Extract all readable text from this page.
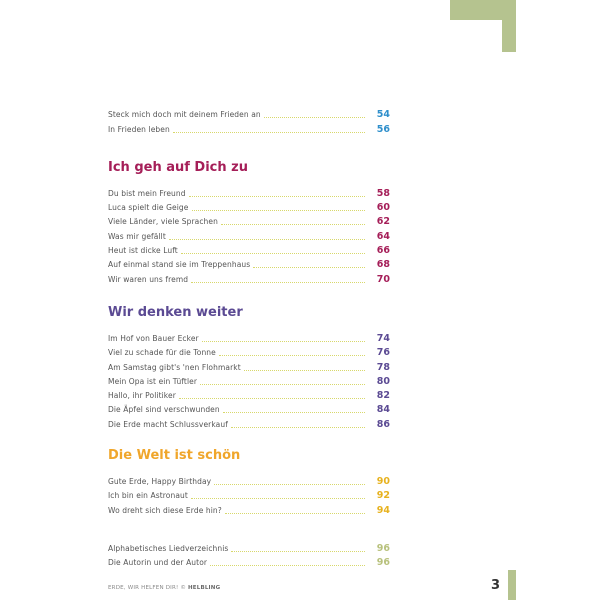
Steck mich doch mit deinem Frieden an	54
In Frieden leben	56
Ich geh auf Dich zu
Du bist mein Freund	58
Luca spielt die Geige	60
Viele Länder, viele Sprachen	62
Was mir gefällt	64
Heut ist dicke Luft	66
Auf einmal stand sie im Treppenhaus	68
Wir waren uns fremd	70
Wir denken weiter
Im Hof von Bauer Ecker	74
Viel zu schade für die Tonne	76
Am Samstag gibt's 'nen Flohmarkt	78
Mein Opa ist ein Tüftler	80
Hallo, ihr Politiker	82
Die Äpfel sind verschwunden	84
Die Erde macht Schlussverkauf	86
Die Welt ist schön
Gute Erde, Happy Birthday	90
Ich bin ein Astronaut	92
Wo dreht sich diese Erde hin?	94
Alphabetisches Liedverzeichnis	96
Die Autorin und der Autor	96
ERDE, WIR HELFEN DIR! © HELBLING	3
